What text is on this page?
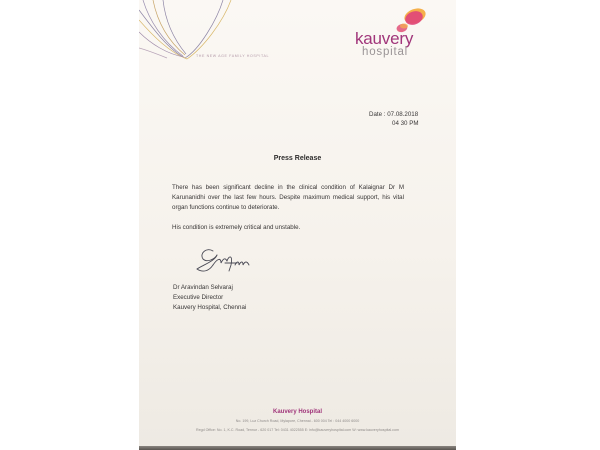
THE NEW AGE FAMILY HOSPITAL
kauvery
hospital
Date : 07.08.2018
04 30 PM
Press Release

There has been significant decline in the clinical condition of Kalaignar Dr M Karunanidhi over the last few hours. Despite maximum medical support, his vital organ functions continue to deteriorate.

His condition is extremely critical and unstable.

Dr Aravindan Selvaraj
Executive Director
Kauvery Hospital, Chennai
Kauvery Hospital
No. 199, Luz Church Road, Mylapore, Chennai - 600 004 Tel : 044 4000 6000
Regd Office: No. 1, K.C. Road, Tennur - 620 017 Tel: 0431 4022555 E: info@kauveryhospital.com W: www.kauveryhospital.com
